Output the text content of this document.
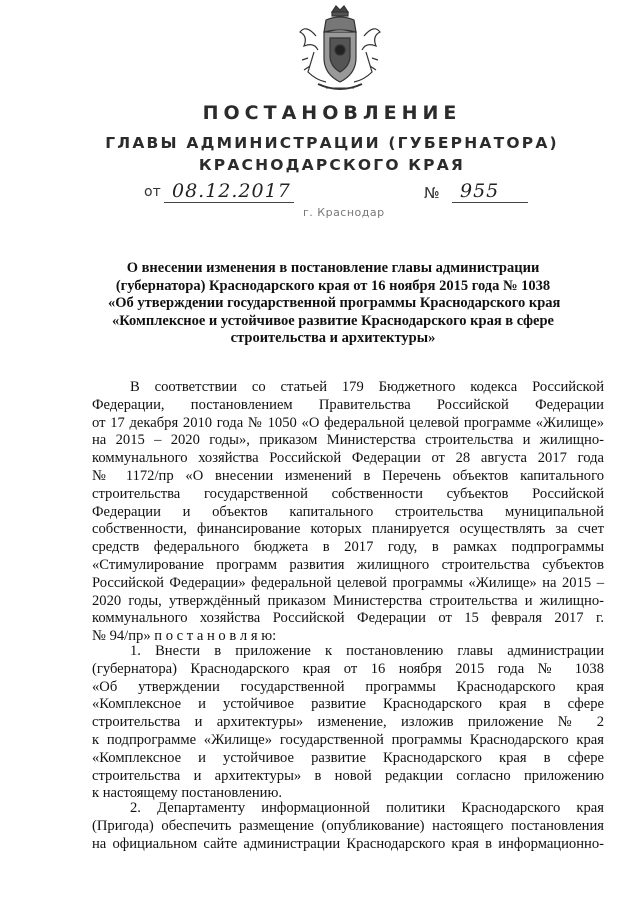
ПОСТАНОВЛЕНИЕ
ГЛАВЫ АДМИНИСТРАЦИИ (ГУБЕРНАТОРА)
КРАСНОДАРСКОГО КРАЯ
от 08.12.2017	№ 955
г. Краснодар
О внесении изменения в постановление главы администрации
(губернатора) Краснодарского края от 16 ноября 2015 года № 1038
«Об утверждении государственной программы Краснодарского края
«Комплексное и устойчивое развитие Краснодарского края в сфере
строительства и архитектуры»
В соответствии со статьей 179 Бюджетного кодекса Российской
Федерации, постановлением Правительства Российской Федерации
от 17 декабря 2010 года № 1050 «О федеральной целевой программе «Жилище»
на 2015 – 2020 годы», приказом Министерства строительства и жилищно-
коммунального хозяйства Российской Федерации от 28 августа 2017 года
№ 1172/пр «О внесении изменений в Перечень объектов капитального
строительства государственной собственности субъектов Российской
Федерации и объектов капитального строительства муниципальной
собственности, финансирование которых планируется осуществлять за счет
средств федерального бюджета в 2017 году, в рамках подпрограммы
«Стимулирование программ развития жилищного строительства субъектов
Российской Федерации» федеральной целевой программы «Жилище» на 2015 –
2020 годы, утверждённый приказом Министерства строительства и жилищно-
коммунального хозяйства Российской Федерации от 15 февраля 2017 г.
№ 94/пр» п о с т а н о в л я ю:
1. Внести в приложение к постановлению главы администрации
(губернатора) Краснодарского края от 16 ноября 2015 года № 1038
«Об утверждении государственной программы Краснодарского края
«Комплексное и устойчивое развитие Краснодарского края в сфере
строительства и архитектуры» изменение, изложив приложение № 2
к подпрограмме «Жилище» государственной программы Краснодарского края
«Комплексное и устойчивое развитие Краснодарского края в сфере
строительства и архитектуры» в новой редакции согласно приложению
к настоящему постановлению.
2. Департаменту информационной политики Краснодарского края
(Пригода) обеспечить размещение (опубликование) настоящего постановления
на официальном сайте администрации Краснодарского края в информационно-
